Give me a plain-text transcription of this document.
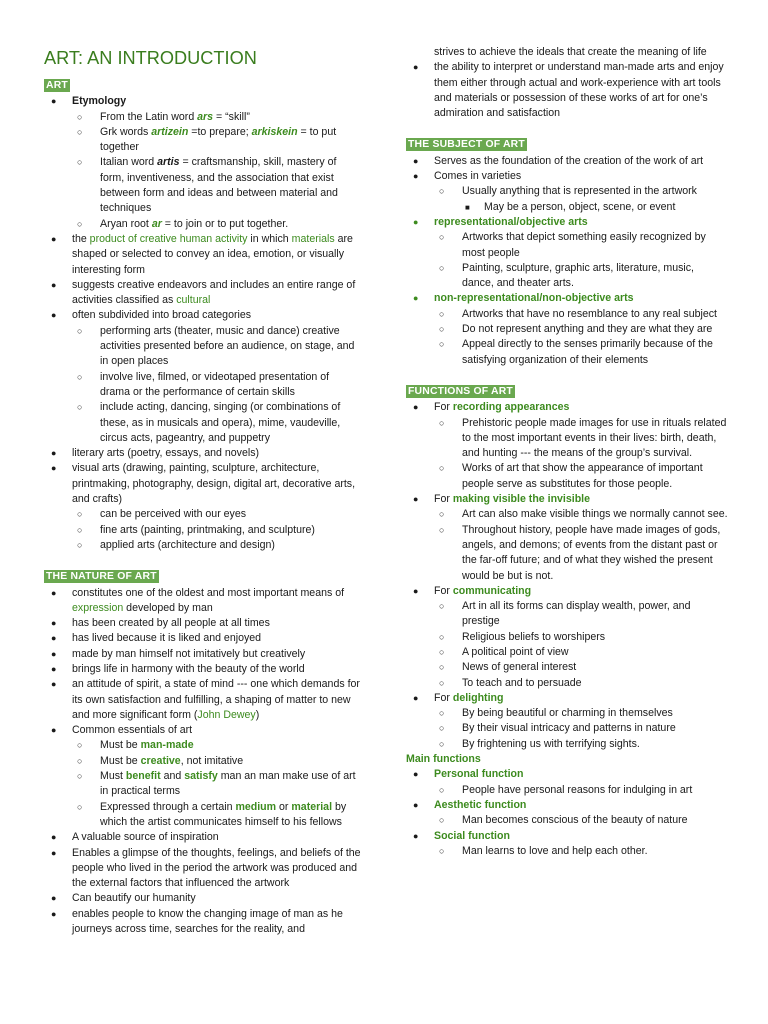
ART: AN INTRODUCTION
ART
● Etymology
○ From the Latin word ars = “skill”
○ Grk words artizein =to prepare; arkiskein = to put together
○ Italian word artis = craftsmanship, skill, mastery of form, inventiveness, and the association that exist between form and ideas and between material and techniques
○ Aryan root ar = to join or to put together.
● the product of creative human activity in which materials are shaped or selected to convey an idea, emotion, or visually interesting form
● suggests creative endeavors and includes an entire range of activities classified as cultural
● often subdivided into broad categories
○ performing arts (theater, music and dance) creative activities presented before an audience, on stage, and in open places
○ involve live, filmed, or videotaped presentation of drama or the performance of certain skills
○ include acting, dancing, singing (or combinations of these, as in musicals and opera), mime, vaudeville, circus acts, pageantry, and puppetry
● literary arts (poetry, essays, and novels)
● visual arts (drawing, painting, sculpture, architecture, printmaking, photography, design, digital art, decorative arts, and crafts)
○ can be perceived with our eyes
○ fine arts (painting, printmaking, and sculpture)
○ applied arts (architecture and design)
THE NATURE OF ART
● constitutes one of the oldest and most important means of expression developed by man
● has been created by all people at all times
● has lived because it is liked and enjoyed
● made by man himself not imitatively but creatively
● brings life in harmony with the beauty of the world
● an attitude of spirit, a state of mind --- one which demands for its own satisfaction and fulfilling, a shaping of matter to new and more significant form (John Dewey)
● Common essentials of art
○ Must be man-made
○ Must be creative, not imitative
○ Must benefit and satisfy man an man make use of art in practical terms
○ Expressed through a certain medium or material by which the artist communicates himself to his fellows
● A valuable source of inspiration
● Enables a glimpse of the thoughts, feelings, and beliefs of the people who lived in the period the artwork was produced and the external factors that influenced the artwork
● Can beautify our humanity
● enables people to know the changing image of man as he journeys across time, searches for the reality, and
strives to achieve the ideals that create the meaning of life
● the ability to interpret or understand man-made arts and enjoy them either through actual and work-experience with art tools and materials or possession of these works of art for one’s admiration and satisfaction
THE SUBJECT OF ART
● Serves as the foundation of the creation of the work of art
● Comes in varieties
○ Usually anything that is represented in the artwork
■ May be a person, object, scene, or event
● representational/objective arts
○ Artworks that depict something easily recognized by most people
○ Painting, sculpture, graphic arts, literature, music, dance, and theater arts.
● non-representational/non-objective arts
○ Artworks that have no resemblance to any real subject
○ Do not represent anything and they are what they are
○ Appeal directly to the senses primarily because of the satisfying organization of their elements
FUNCTIONS OF ART
● For recording appearances
○ Prehistoric people made images for use in rituals related to the most important events in their lives: birth, death, and hunting --- the means of the group’s survival.
○ Works of art that show the appearance of important people serve as substitutes for those people.
● For making visible the invisible
○ Art can also make visible things we normally cannot see.
○ Throughout history, people have made images of gods, angels, and demons; of events from the distant past or the far-off future; and of what they wished the present would be but is not.
● For communicating
○ Art in all its forms can display wealth, power, and prestige
○ Religious beliefs to worshipers
○ A political point of view
○ News of general interest
○ To teach and to persuade
● For delighting
○ By being beautiful or charming in themselves
○ By their visual intricacy and patterns in nature
○ By frightening us with terrifying sights.
Main functions
● Personal function
○ People have personal reasons for indulging in art
● Aesthetic function
○ Man becomes conscious of the beauty of nature
● Social function
○ Man learns to love and help each other.
